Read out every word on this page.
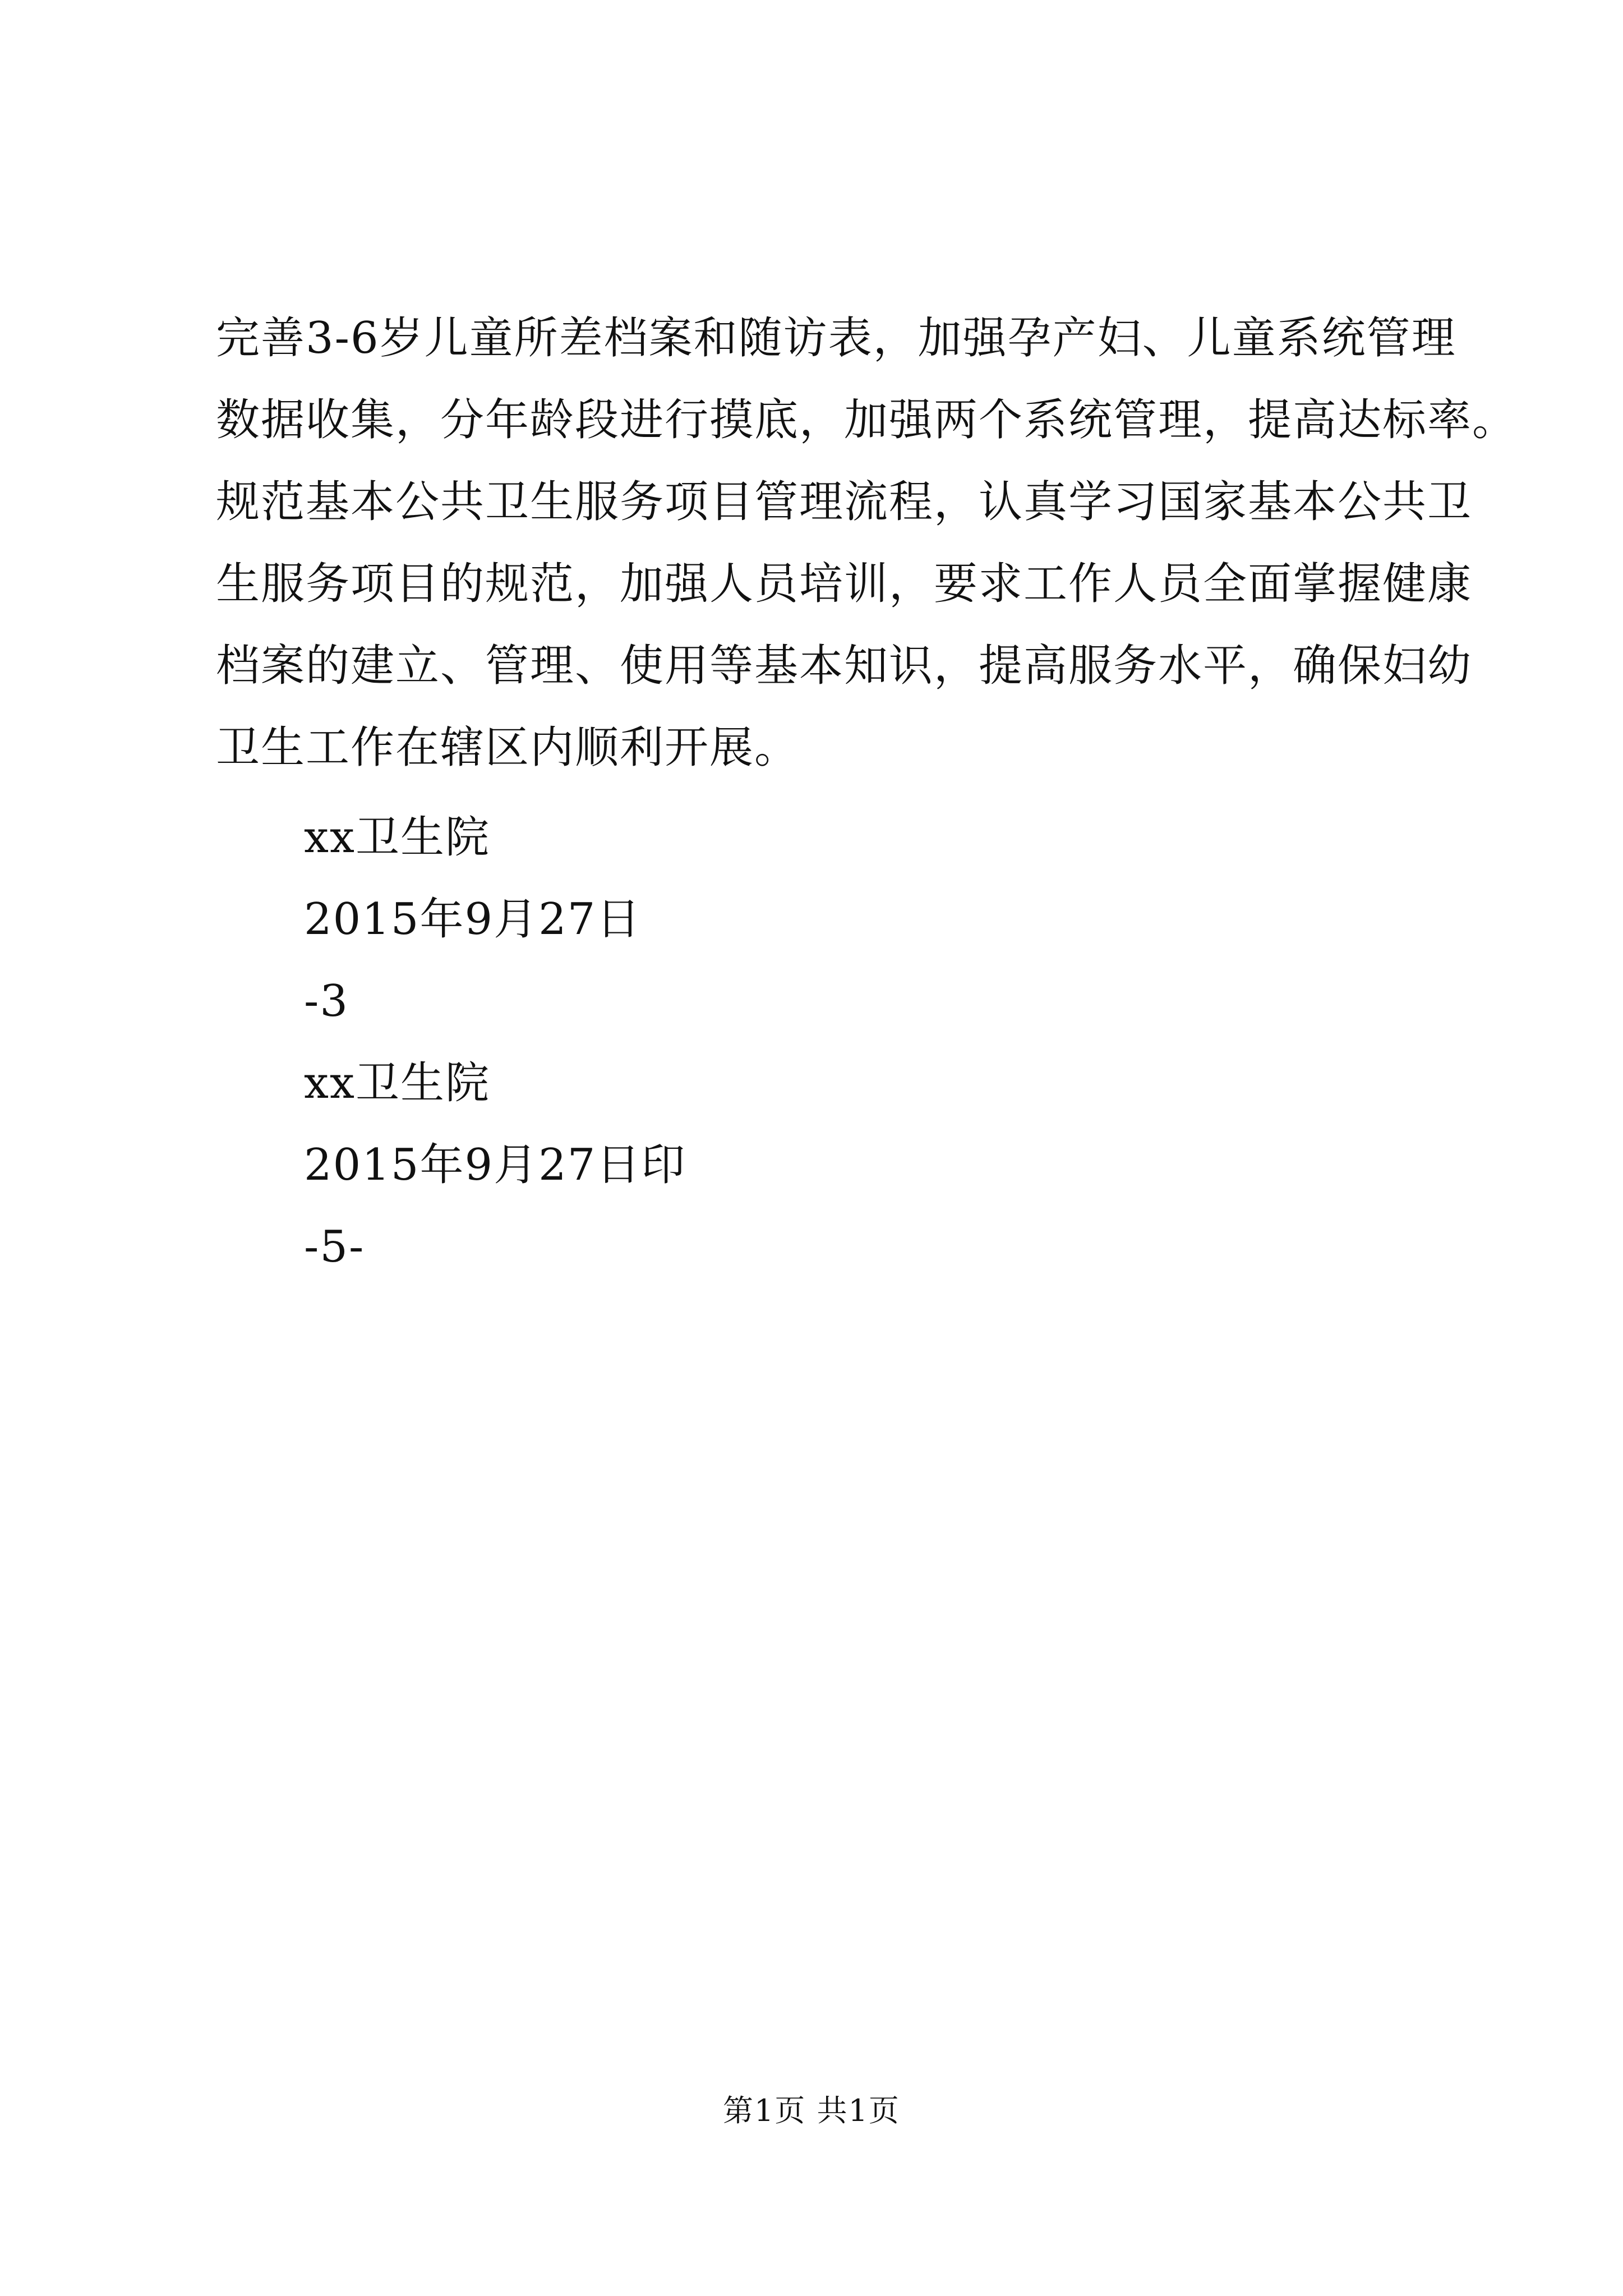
完善3-6岁儿童所差档案和随访表，加强孕产妇、儿童系统管理
数据收集，分年龄段进行摸底，加强两个系统管理，提高达标率。
规范基本公共卫生服务项目管理流程，认真学习国家基本公共卫
生服务项目的规范，加强人员培训，要求工作人员全面掌握健康
档案的建立、管理、使用等基本知识，提高服务水平，确保妇幼
卫生工作在辖区内顺利开展。
xx卫生院
2015年9月27日
-3
xx卫生院
2015年9月27日印
-5-
第1页 共1页
